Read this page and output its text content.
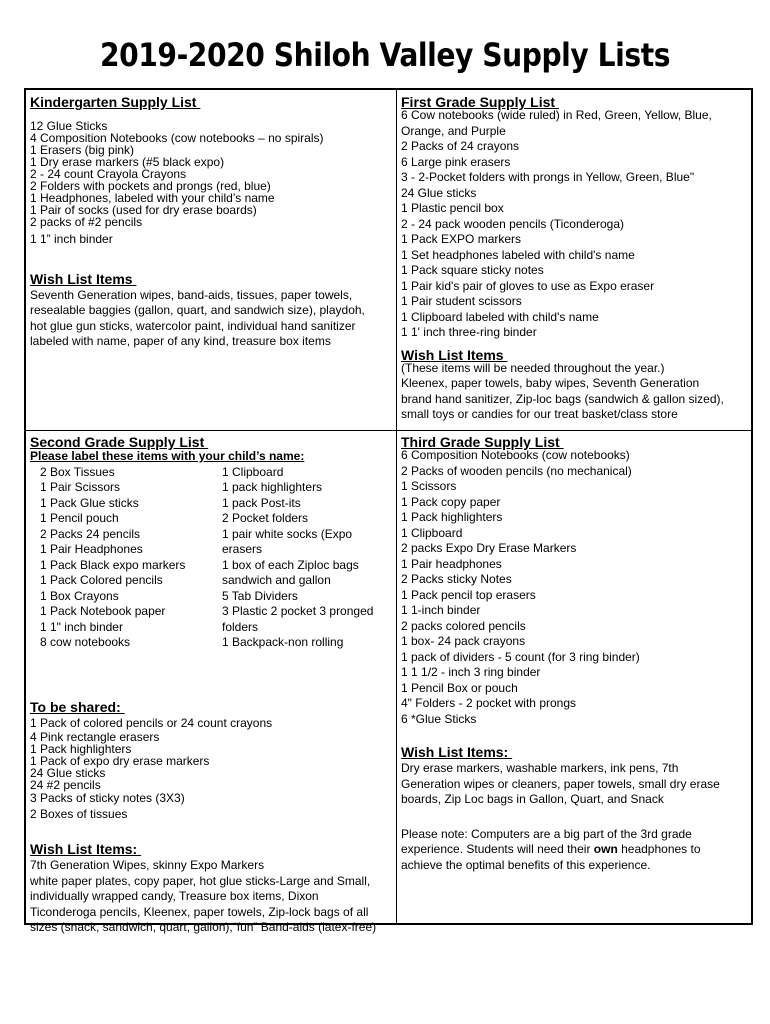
2019-2020 Shiloh Valley Supply Lists
Kindergarten Supply List
12 Glue Sticks
4 Composition Notebooks (cow notebooks – no spirals)
1 Erasers (big pink)
1 Dry erase markers (#5 black expo)
2 - 24 count Crayola Crayons
2 Folders with pockets and prongs (red, blue)
1 Headphones, labeled with your child’s name
1 Pair of socks (used for dry erase boards)
2 packs of #2 pencils
1 1” inch binder
Wish List Items
Seventh Generation wipes, band-aids, tissues, paper towels,
resealable baggies (gallon, quart, and sandwich size), playdoh,
hot glue gun sticks, watercolor paint, individual hand sanitizer
labeled with name, paper of any kind, treasure box items
First Grade Supply List
6 Cow notebooks (wide ruled) in Red, Green, Yellow, Blue,
Orange, and Purple
2 Packs of 24 crayons
6 Large pink erasers
3 - 2-Pocket folders with prongs in Yellow, Green, Blue"
24 Glue sticks
1 Plastic pencil box
2 - 24 pack wooden pencils (Ticonderoga)
1 Pack EXPO markers
1 Set headphones labeled with child's name
1 Pack square sticky notes
1 Pair kid's pair of gloves to use as Expo eraser
1 Pair student scissors
1 Clipboard labeled with child's name
1 1' inch three-ring binder
Wish List Items
(These items will be needed throughout the year.)
Kleenex, paper towels, baby wipes, Seventh Generation
brand hand sanitizer, Zip-loc bags (sandwich & gallon sized),
small toys or candies for our treat basket/class store
Second Grade Supply List
Please label these items with your child’s name:
2 Box Tissues
1 Pair Scissors
1 Pack Glue sticks
1 Pencil pouch
2 Packs 24 pencils
1 Pair Headphones
1 Pack Black expo markers
1 Pack Colored pencils
1 Box Crayons
1 Pack Notebook paper
1 1" inch binder
8 cow notebooks
1 Clipboard
1 pack highlighters
1 pack Post-its
2 Pocket folders
1 pair white socks (Expo
erasers
1 box of each Ziploc bags
sandwich and gallon
5 Tab Dividers
3 Plastic 2 pocket 3 pronged
folders
1 Backpack-non rolling
To be shared:
1 Pack of colored pencils or 24 count crayons
4 Pink rectangle erasers
1 Pack highlighters
1 Pack of expo dry erase markers
24 Glue sticks
24 #2 pencils
3 Packs of sticky notes (3X3)
2 Boxes of tissues
Wish List Items:
7th Generation Wipes, skinny Expo Markers
white paper plates, copy paper, hot glue sticks-Large and Small,
individually wrapped candy, Treasure box items, Dixon
Ticonderoga pencils, Kleenex, paper towels, Zip-lock bags of all
sizes (snack, sandwich, quart, gallon),“fun” Band-aids (latex-free)
Third Grade Supply List
6 Composition Notebooks (cow notebooks)
2 Packs of wooden pencils (no mechanical)
1 Scissors
1 Pack copy paper
1 Pack highlighters
1 Clipboard
2 packs Expo Dry Erase Markers
1 Pair headphones
2 Packs sticky Notes
1 Pack pencil top erasers
1 1-inch binder
2 packs colored pencils
1 box- 24 pack crayons
1 pack of dividers - 5 count (for 3 ring binder)
1 1 1/2 - inch 3 ring binder
1 Pencil Box or pouch
4" Folders - 2 pocket with prongs
6 *Glue Sticks
Wish List Items:
Dry erase markers, washable markers, ink pens, 7th
Generation wipes or cleaners, paper towels, small dry erase
boards, Zip Loc bags in Gallon, Quart, and Snack
Please note: Computers are a big part of the 3rd grade
experience. Students will need their own headphones to
achieve the optimal benefits of this experience.
